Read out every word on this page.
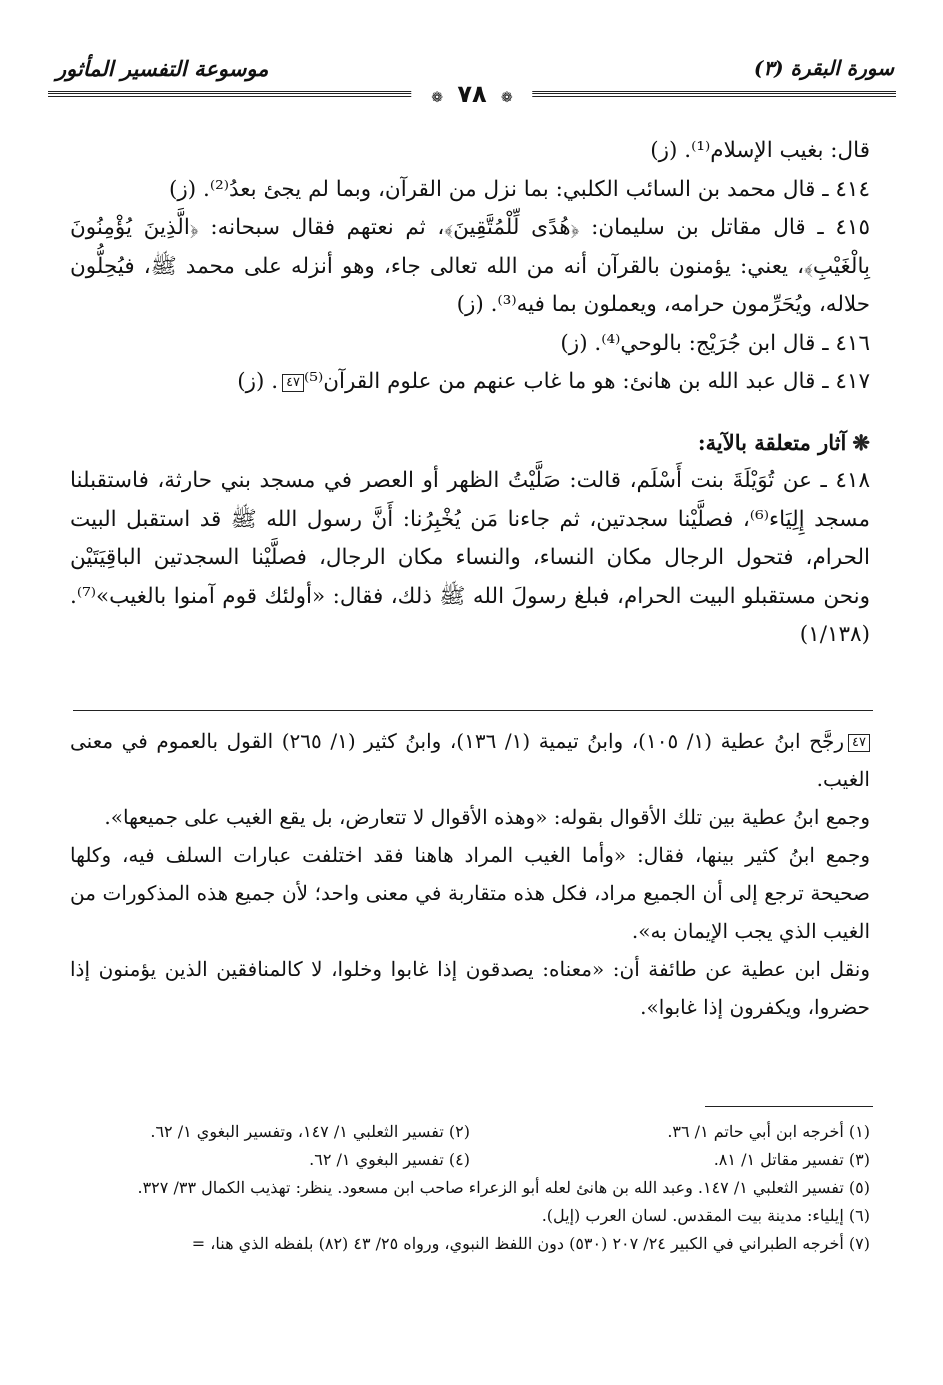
موسوعة التفسير المأثور	سورة البقرة (٣)
❁ ٧٨ ❁

قال: بغيب الإسلام⁽¹⁾. (ز)

٤١٤ ـ قال محمد بن السائب الكلبي: بما نزل من القرآن، وبما لم يجئ بعدُ⁽²⁾. (ز)

٤١٥ ـ قال مقاتل بن سليمان: ﴿هُدًى لِّلْمُتَّقِينَ﴾، ثم نعتهم فقال سبحانه: ﴿الَّذِينَ يُؤْمِنُونَ بِالْغَيْبِ﴾، يعني: يؤمنون بالقرآن أنه من الله تعالى جاء، وهو أنزله على محمد ﷺ، فيُحِلُّون حلاله، ويُحَرِّمون حرامه، ويعملون بما فيه⁽³⁾. (ز)

٤١٦ ـ قال ابن جُرَيْج: بالوحي⁽⁴⁾. (ز)

٤١٧ ـ قال عبد الله بن هانئ: هو ما غاب عنهم من علوم القرآن⁽⁵⁾٤٧. (ز)

❋آثار متعلقة بالآية:

٤١٨ ـ عن تُوَيْلَةَ بنت أَسْلَم، قالت: صَلَّيْتُ الظهر أو العصر في مسجد بني حارثة، فاستقبلنا مسجد إِلِيَاء⁽⁶⁾، فصلَّيْنا سجدتين، ثم جاءنا مَن يُخْبِرُنا: أَنَّ رسول الله ﷺ قد استقبل البيت الحرام، فتحول الرجال مكان النساء، والنساء مكان الرجال، فصلَّيْنا السجدتين الباقِيَتَيْن ونحن مستقبلو البيت الحرام، فبلغ رسولَ الله ﷺ ذلك، فقال: «أولئك قوم آمنوا بالغيب»⁽⁷⁾. (١/١٣٨)

٤٧رجَّح ابنُ عطية (١/ ١٠٥)، وابنُ تيمية (١/ ١٣٦)، وابنُ كثير (١/ ٢٦٥) القول بالعموم في معنى الغيب.

وجمع ابنُ عطية بين تلك الأقوال بقوله: «وهذه الأقوال لا تتعارض، بل يقع الغيب على جميعها».

وجمع ابنُ كثير بينها، فقال: «وأما الغيب المراد هاهنا فقد اختلفت عبارات السلف فيه، وكلها صحيحة ترجع إلى أن الجميع مراد، فكل هذه متقاربة في معنى واحد؛ لأن جميع هذه المذكورات من الغيب الذي يجب الإيمان به».

ونقل ابن عطية عن طائفة أن: «معناه: يصدقون إذا غابوا وخلوا، لا كالمنافقين الذين يؤمنون إذا حضروا، ويكفرون إذا غابوا».

(١) أخرجه ابن أبي حاتم ١/ ٣٦.
(٢) تفسير الثعلبي ١/ ١٤٧، وتفسير البغوي ١/ ٦٢.
(٣) تفسير مقاتل ١/ ٨١.
(٤) تفسير البغوي ١/ ٦٢.

(٥) تفسير الثعلبي ١/ ١٤٧. وعبد الله بن هانئ لعله أبو الزعراء صاحب ابن مسعود. ينظر: تهذيب الكمال ٣٣/ ٣٢٧.

(٦) إيلياء: مدينة بيت المقدس. لسان العرب (إيل).

(٧) أخرجه الطبراني في الكبير ٢٤/ ٢٠٧ (٥٣٠) دون اللفظ النبوي، ورواه ٢٥/ ٤٣ (٨٢) بلفظه الذي هنا، =
